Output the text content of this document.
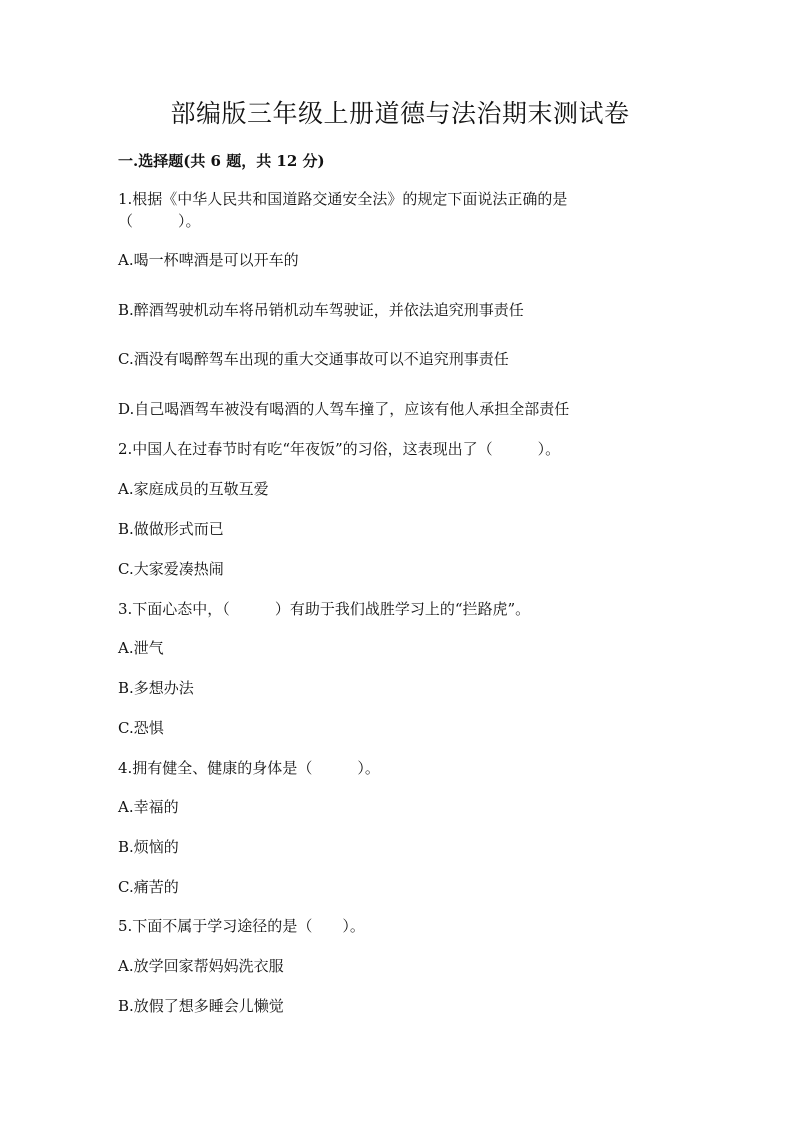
部编版三年级上册道德与法治期末测试卷

一.选择题(共 6 题，共 12 分)

1.根据《中华人民共和国道路交通安全法》的规定下面说法正确的是

（　　　）。

A.喝一杯啤酒是可以开车的

B.醉酒驾驶机动车将吊销机动车驾驶证，并依法追究刑事责任

C.酒没有喝醉驾车出现的重大交通事故可以不追究刑事责任

D.自己喝酒驾车被没有喝酒的人驾车撞了，应该有他人承担全部责任

2.中国人在过春节时有吃“年夜饭”的习俗，这表现出了（　　　）。

A.家庭成员的互敬互爱

B.做做形式而已

C.大家爱凑热闹

3.下面心态中，（　　　）有助于我们战胜学习上的“拦路虎”。

A.泄气

B.多想办法

C.恐惧

4.拥有健全、健康的身体是（　　　）。

A.幸福的

B.烦恼的

C.痛苦的

5.下面不属于学习途径的是（　　）。

A.放学回家帮妈妈洗衣服

B.放假了想多睡会儿懒觉
